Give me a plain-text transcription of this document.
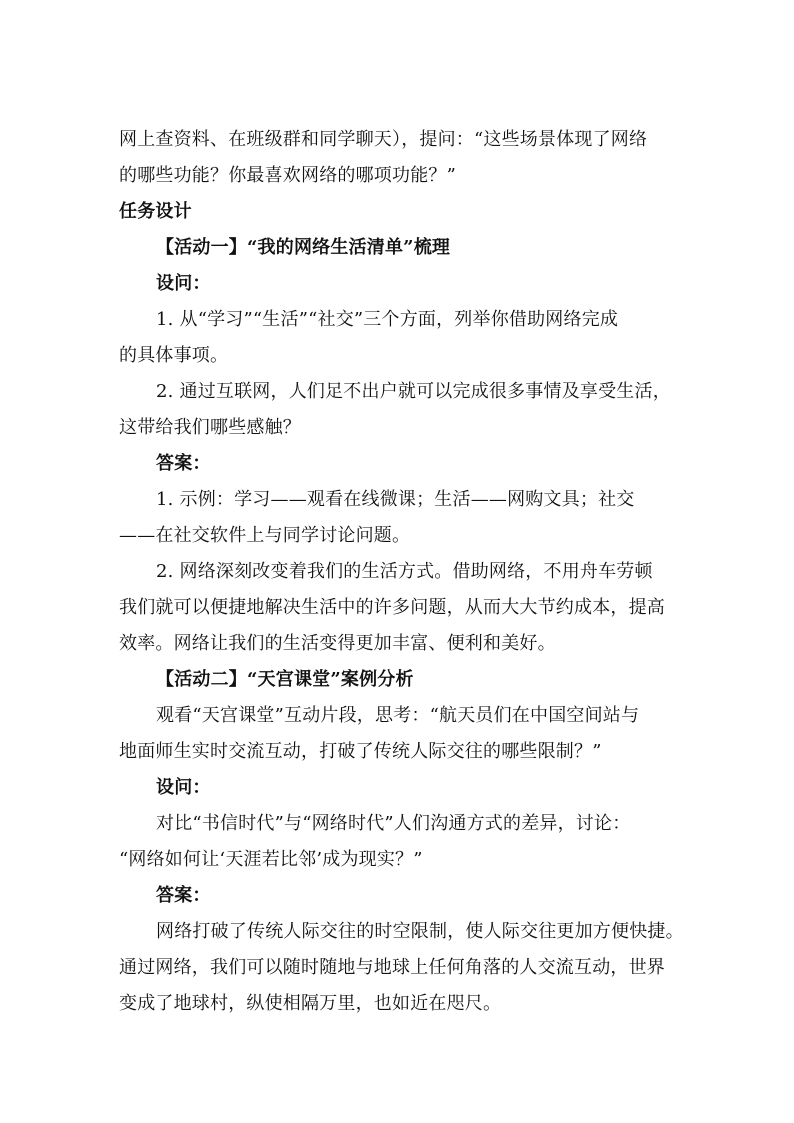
网上查资料、在班级群和同学聊天），提问：“这些场景体现了网络
的哪些功能？你最喜欢网络的哪项功能？”
任务设计
【活动一】“我的网络生活清单”梳理
设问：
1. 从“学习”“生活”“社交”三个方面，列举你借助网络完成
的具体事项。
2. 通过互联网，人们足不出户就可以完成很多事情及享受生活，
这带给我们哪些感触？
答案：
1. 示例：学习——观看在线微课；生活——网购文具；社交
——在社交软件上与同学讨论问题。
2. 网络深刻改变着我们的生活方式。借助网络，不用舟车劳顿
我们就可以便捷地解决生活中的许多问题，从而大大节约成本，提高
效率。网络让我们的生活变得更加丰富、便利和美好。
【活动二】“天宫课堂”案例分析
观看“天宫课堂”互动片段，思考：“航天员们在中国空间站与
地面师生实时交流互动，打破了传统人际交往的哪些限制？”
设问：
对比“书信时代”与“网络时代”人们沟通方式的差异，讨论：
“网络如何让‘天涯若比邻’成为现实？”
答案：
网络打破了传统人际交往的时空限制，使人际交往更加方便快捷。
通过网络，我们可以随时随地与地球上任何角落的人交流互动，世界
变成了地球村，纵使相隔万里，也如近在咫尺。
